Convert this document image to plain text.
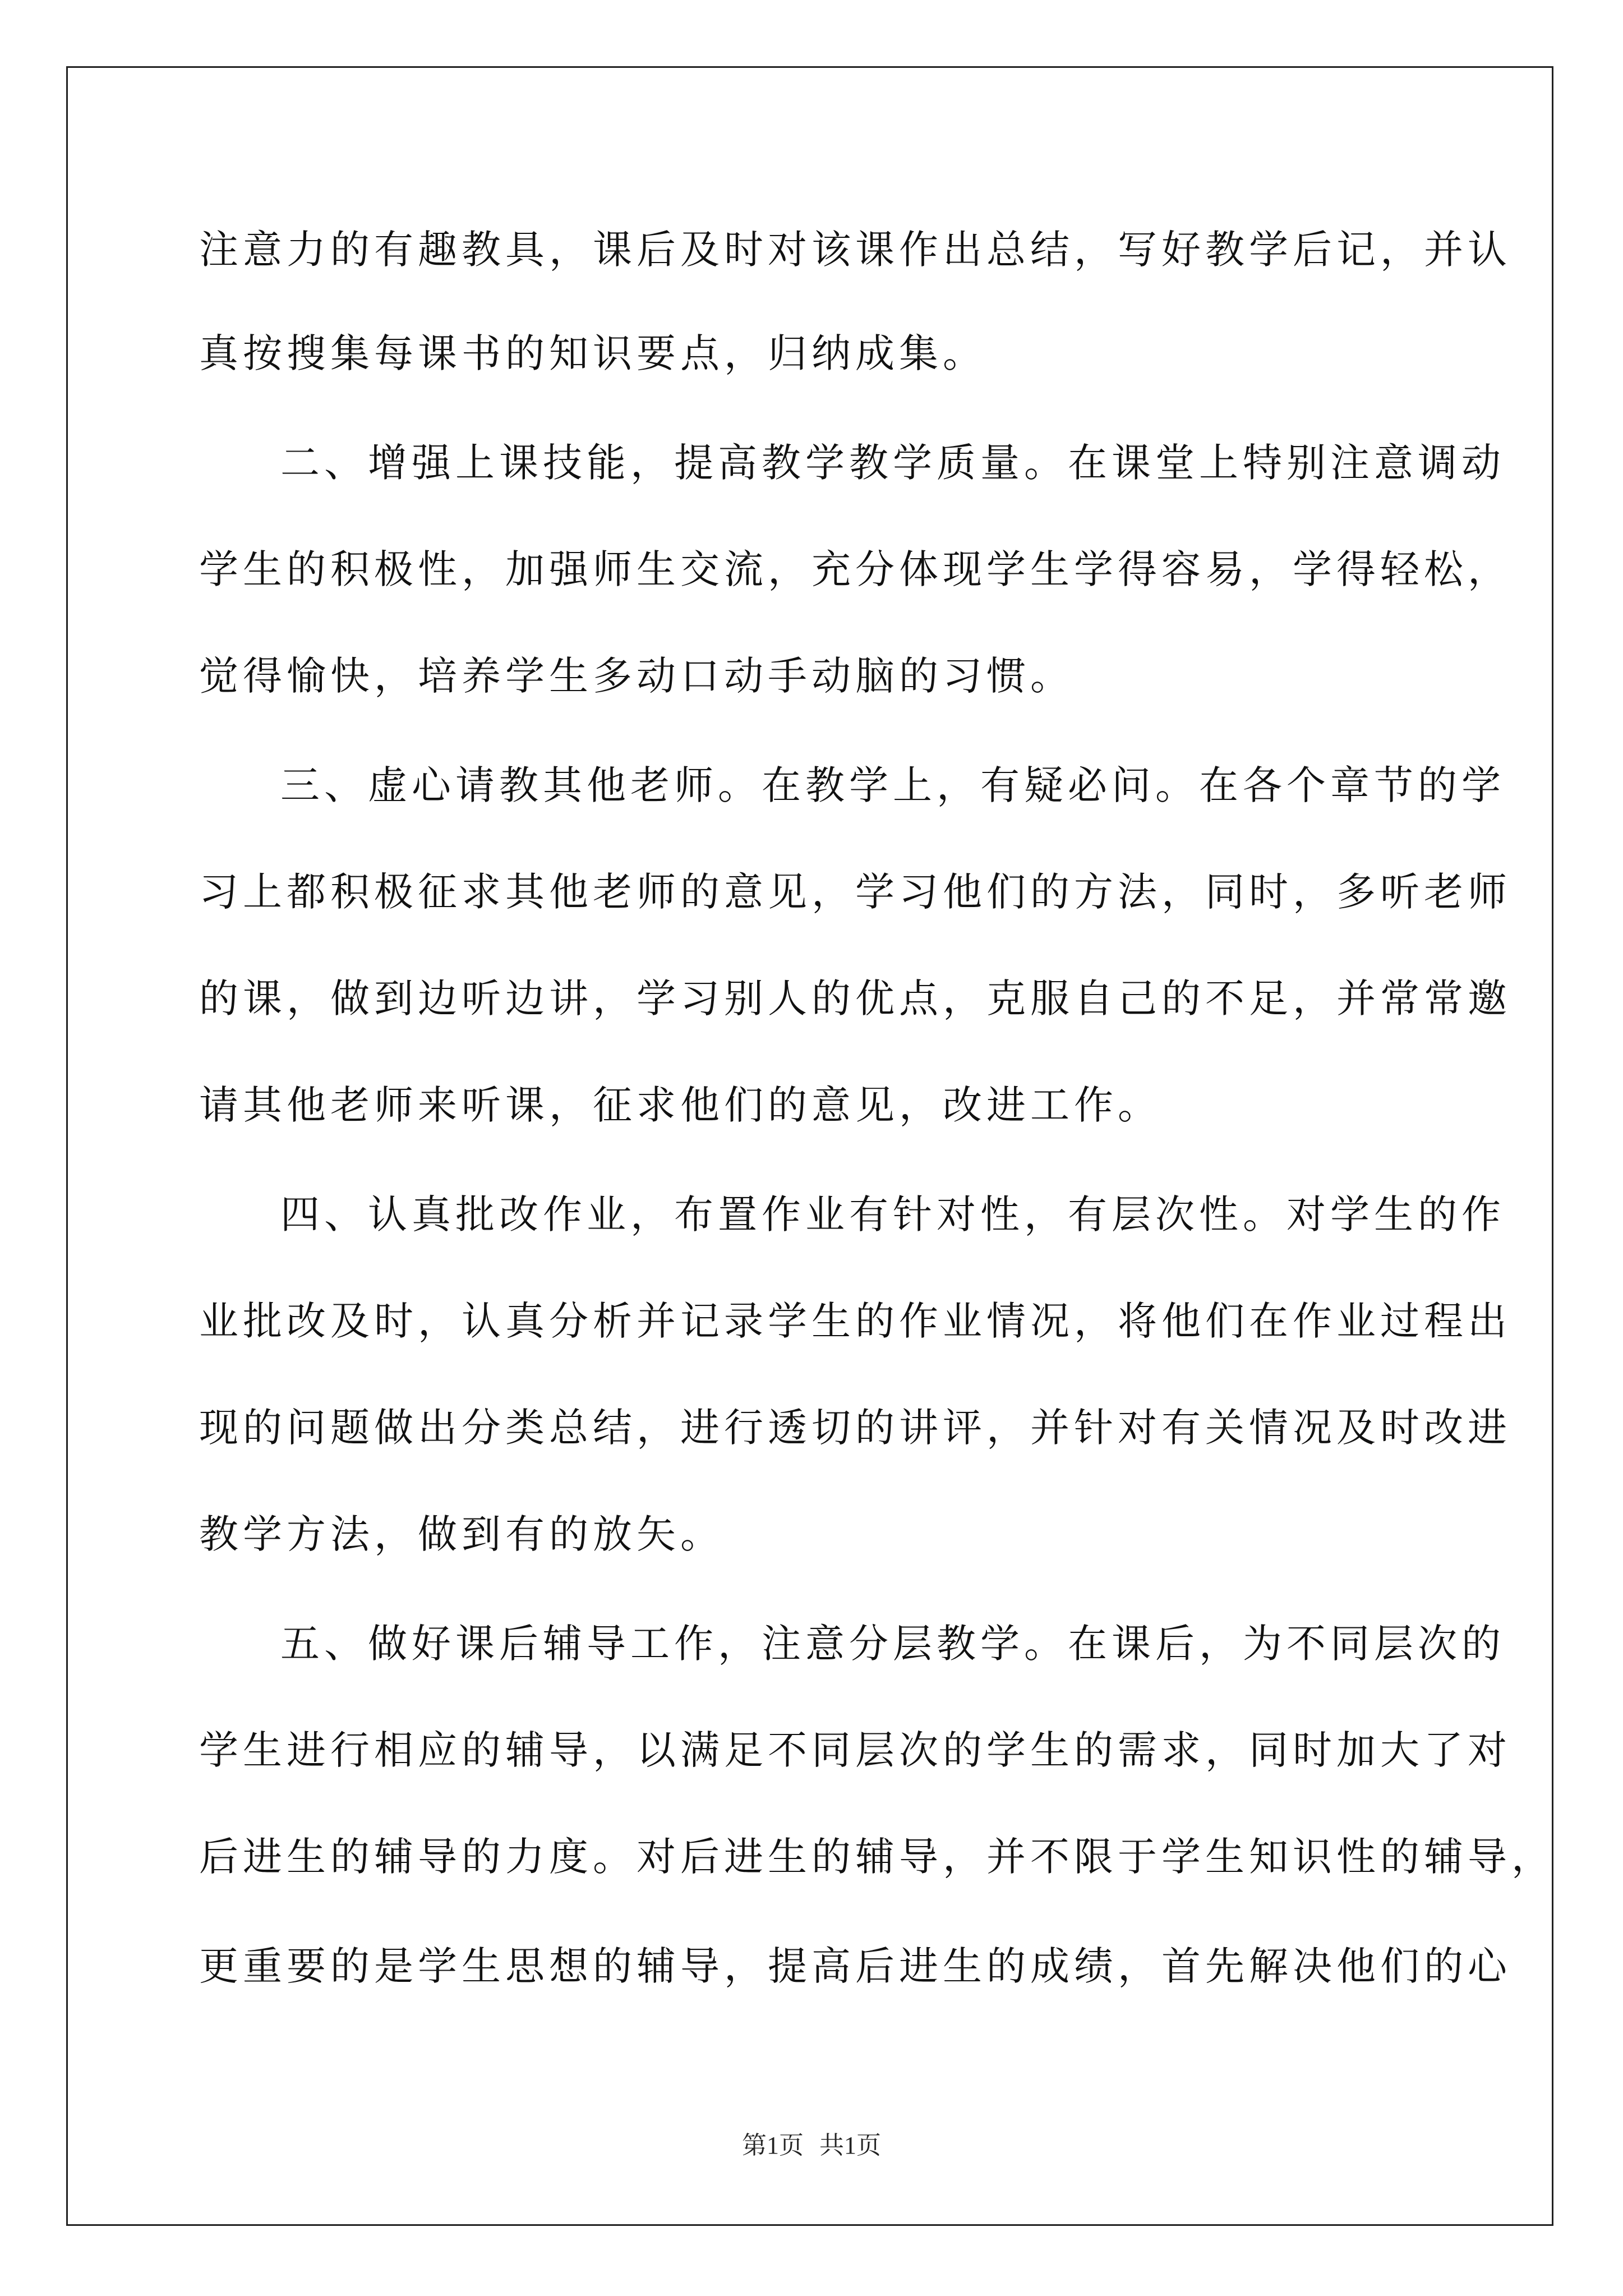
注意力的有趣教具，课后及时对该课作出总结，写好教学后记，并认
真按搜集每课书的知识要点，归纳成集。
二、增强上课技能，提高教学教学质量。在课堂上特别注意调动
学生的积极性，加强师生交流，充分体现学生学得容易，学得轻松，
觉得愉快，培养学生多动口动手动脑的习惯。
三、虚心请教其他老师。在教学上，有疑必问。在各个章节的学
习上都积极征求其他老师的意见，学习他们的方法，同时，多听老师
的课，做到边听边讲，学习别人的优点，克服自己的不足，并常常邀
请其他老师来听课，征求他们的意见，改进工作。
四、认真批改作业，布置作业有针对性，有层次性。对学生的作
业批改及时，认真分析并记录学生的作业情况，将他们在作业过程出
现的问题做出分类总结，进行透切的讲评，并针对有关情况及时改进
教学方法，做到有的放矢。
五、做好课后辅导工作，注意分层教学。在课后，为不同层次的
学生进行相应的辅导，以满足不同层次的学生的需求，同时加大了对
后进生的辅导的力度。对后进生的辅导，并不限于学生知识性的辅导，
更重要的是学生思想的辅导，提高后进生的成绩，首先解决他们的心
第1页 共1页
